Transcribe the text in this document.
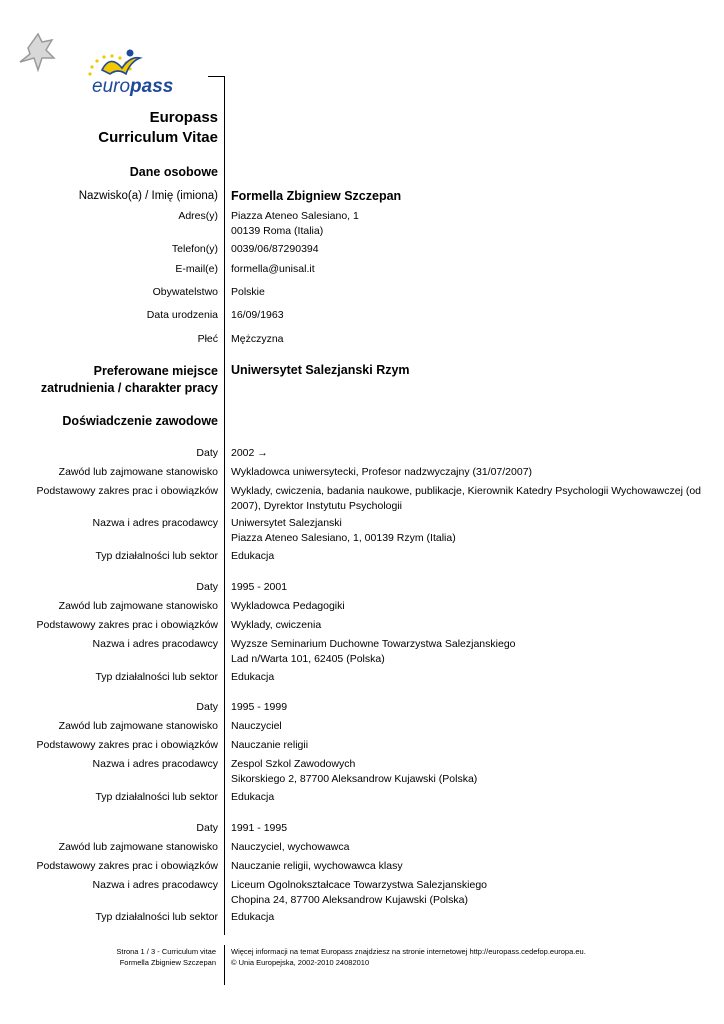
europass
Europass
Curriculum Vitae
Dane osobowe
Nazwisko(a) / Imię (imiona) Formella Zbigniew Szczepan
Adres(y) Piazza Ateneo Salesiano, 1
00139 Roma (Italia)
Telefon(y) 0039/06/87290394
E-mail(e) formella@unisal.it
Obywatelstwo Polskie
Data urodzenia 16/09/1963
Płeć Mężczyzna
Preferowane miejsce
zatrudnienia / charakter pracy
Uniwersytet Salezjanski Rzym
Doświadczenie zawodowe
Daty 2002 →
Zawód lub zajmowane stanowisko Wykladowca uniwersytecki, Profesor nadzwyczajny (31/07/2007)
Podstawowy zakres prac i obowiązków Wyklady, cwiczenia, badania naukowe, publikacje, Kierownik Katedry Psychologii Wychowawczej (od
2007), Dyrektor Instytutu Psychologii
Nazwa i adres pracodawcy Uniwersytet Salezjanski
Piazza Ateneo Salesiano, 1, 00139 Rzym (Italia)
Typ działalności lub sektor Edukacja
Daty 1995 - 2001
Zawód lub zajmowane stanowisko Wykladowca Pedagogiki
Podstawowy zakres prac i obowiązków Wyklady, cwiczenia
Nazwa i adres pracodawcy Wyzsze Seminarium Duchowne Towarzystwa Salezjanskiego
Lad n/Warta 101, 62405 (Polska)
Typ działalności lub sektor Edukacja
Daty 1995 - 1999
Zawód lub zajmowane stanowisko Nauczyciel
Podstawowy zakres prac i obowiązków Nauczanie religii
Nazwa i adres pracodawcy Zespol Szkol Zawodowych
Sikorskiego 2, 87700 Aleksandrow Kujawski (Polska)
Typ działalności lub sektor Edukacja
Daty 1991 - 1995
Zawód lub zajmowane stanowisko Nauczyciel, wychowawca
Podstawowy zakres prac i obowiązków Nauczanie religii, wychowawca klasy
Nazwa i adres pracodawcy Liceum Ogolnokształcace Towarzystwa Salezjanskiego
Chopina 24, 87700 Aleksandrow Kujawski (Polska)
Typ działalności lub sektor Edukacja
Strona 1 / 3 - Curriculum vitae
Formella Zbigniew Szczepan
Więcej informacji na temat Europass znajdziesz na stronie internetowej http://europass.cedefop.europa.eu.
© Unia Europejska, 2002-2010 24082010
